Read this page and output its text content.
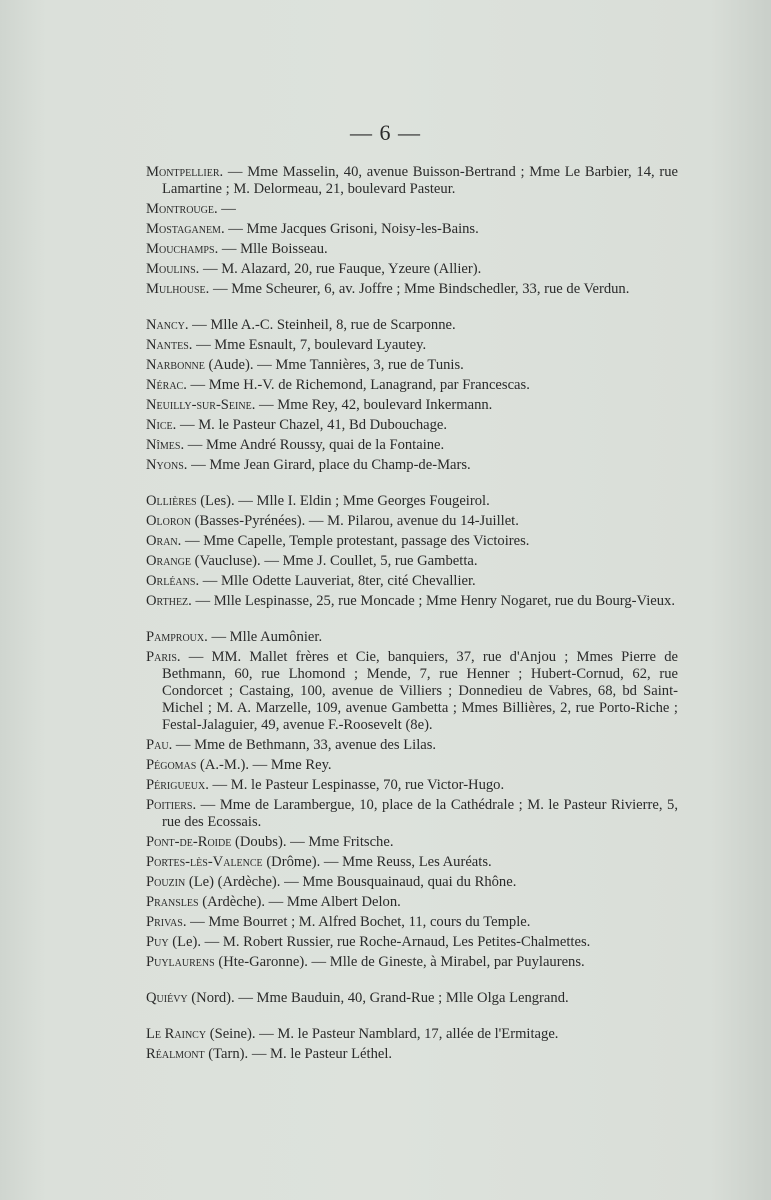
— 6 —
Montpellier. — Mme Masselin, 40, avenue Buisson-Bertrand ; Mme Le Barbier, 14, rue Lamartine ; M. Delormeau, 21, boulevard Pasteur.
Montrouge. —
Mostaganem. — Mme Jacques Grisoni, Noisy-les-Bains.
Mouchamps. — Mlle Boisseau.
Moulins. — M. Alazard, 20, rue Fauque, Yzeure (Allier).
Mulhouse. — Mme Scheurer, 6, av. Joffre ; Mme Bindschedler, 33, rue de Verdun.
Nancy. — Mlle A.-C. Steinheil, 8, rue de Scarponne.
Nantes. — Mme Esnault, 7, boulevard Lyautey.
Narbonne (Aude). — Mme Tannières, 3, rue de Tunis.
Nérac. — Mme H.-V. de Richemond, Lanagrand, par Francescas.
Neuilly-sur-Seine. — Mme Rey, 42, boulevard Inkermann.
Nice. — M. le Pasteur Chazel, 41, Bd Dubouchage.
Nîmes. — Mme André Roussy, quai de la Fontaine.
Nyons. — Mme Jean Girard, place du Champ-de-Mars.
Ollières (Les). — Mlle I. Eldin ; Mme Georges Fougeirol.
Oloron (Basses-Pyrénées). — M. Pilarou, avenue du 14-Juillet.
Oran. — Mme Capelle, Temple protestant, passage des Victoires.
Orange (Vaucluse). — Mme J. Coullet, 5, rue Gambetta.
Orléans. — Mlle Odette Lauveriat, 8ter, cité Chevallier.
Orthez. — Mlle Lespinasse, 25, rue Moncade ; Mme Henry Nogaret, rue du Bourg-Vieux.
Pamproux. — Mlle Aumônier.
Paris. — MM. Mallet frères et Cie, banquiers, 37, rue d'Anjou ; Mmes Pierre de Bethmann, 60, rue Lhomond ; Mende, 7, rue Henner ; Hubert-Cornud, 62, rue Condorcet ; Castaing, 100, avenue de Villiers ; Donnedieu de Vabres, 68, bd Saint-Michel ; M. A. Marzelle, 109, avenue Gambetta ; Mmes Billières, 2, rue Porto-Riche ; Festal-Jalaguier, 49, avenue F.-Roosevelt (8e).
Pau. — Mme de Bethmann, 33, avenue des Lilas.
Pégomas (A.-M.). — Mme Rey.
Périgueux. — M. le Pasteur Lespinasse, 70, rue Victor-Hugo.
Poitiers. — Mme de Larambergue, 10, place de la Cathédrale ; M. le Pasteur Rivierre, 5, rue des Ecossais.
Pont-de-Roide (Doubs). — Mme Fritsche.
Portes-lès-Valence (Drôme). — Mme Reuss, Les Auréats.
Pouzin (Le) (Ardèche). — Mme Bousquainaud, quai du Rhône.
Pransles (Ardèche). — Mme Albert Delon.
Privas. — Mme Bourret ; M. Alfred Bochet, 11, cours du Temple.
Puy (Le). — M. Robert Russier, rue Roche-Arnaud, Les Petites-Chalmettes.
Puylaurens (Hte-Garonne). — Mlle de Gineste, à Mirabel, par Puylaurens.
Quiévy (Nord). — Mme Bauduin, 40, Grand-Rue ; Mlle Olga Lengrand.
Le Raincy (Seine). — M. le Pasteur Namblard, 17, allée de l'Ermitage.
Réalmont (Tarn). — M. le Pasteur Léthel.
